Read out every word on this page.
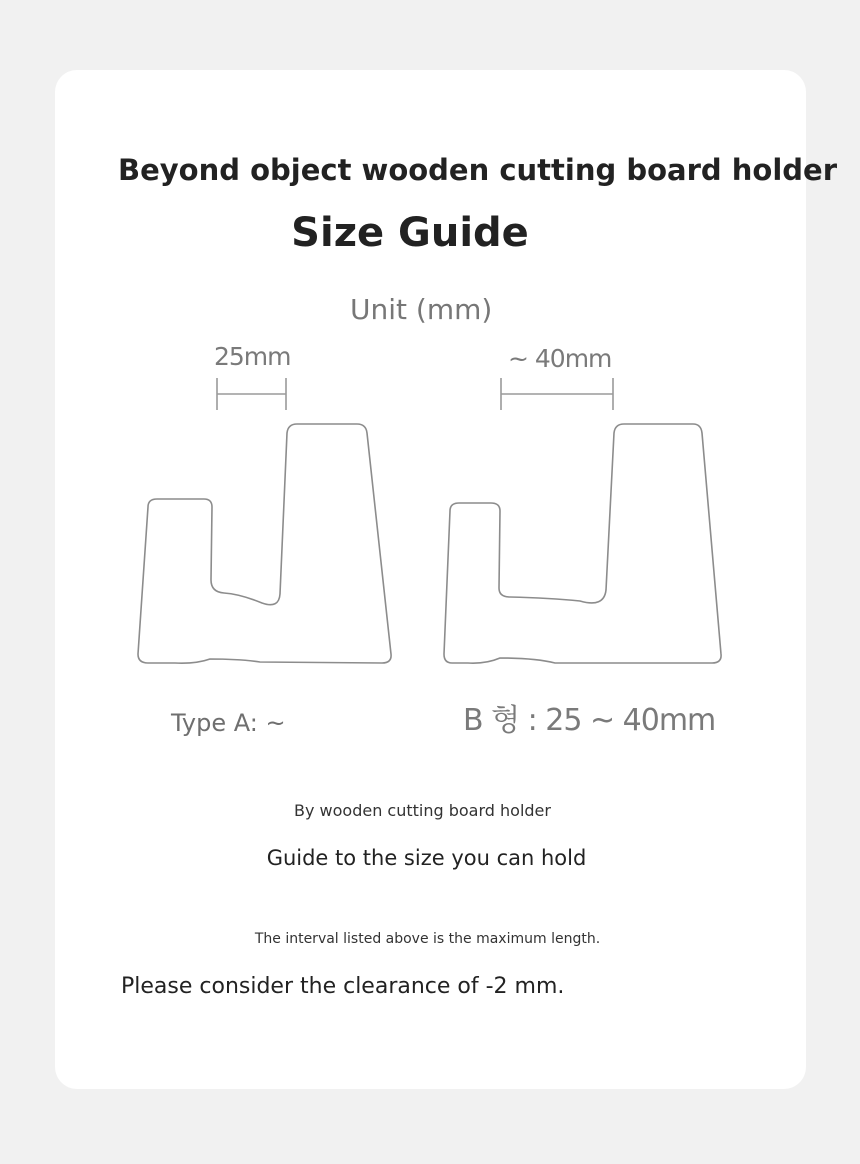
Beyond object wooden cutting board holder
Size Guide

Unit (mm)

25mm	~ 40mm

Type A: ~	B 형 : 25 ~ 40mm

By wooden cutting board holder

Guide to the size you can hold

The interval listed above is the maximum length.

Please consider the clearance of -2 mm.
